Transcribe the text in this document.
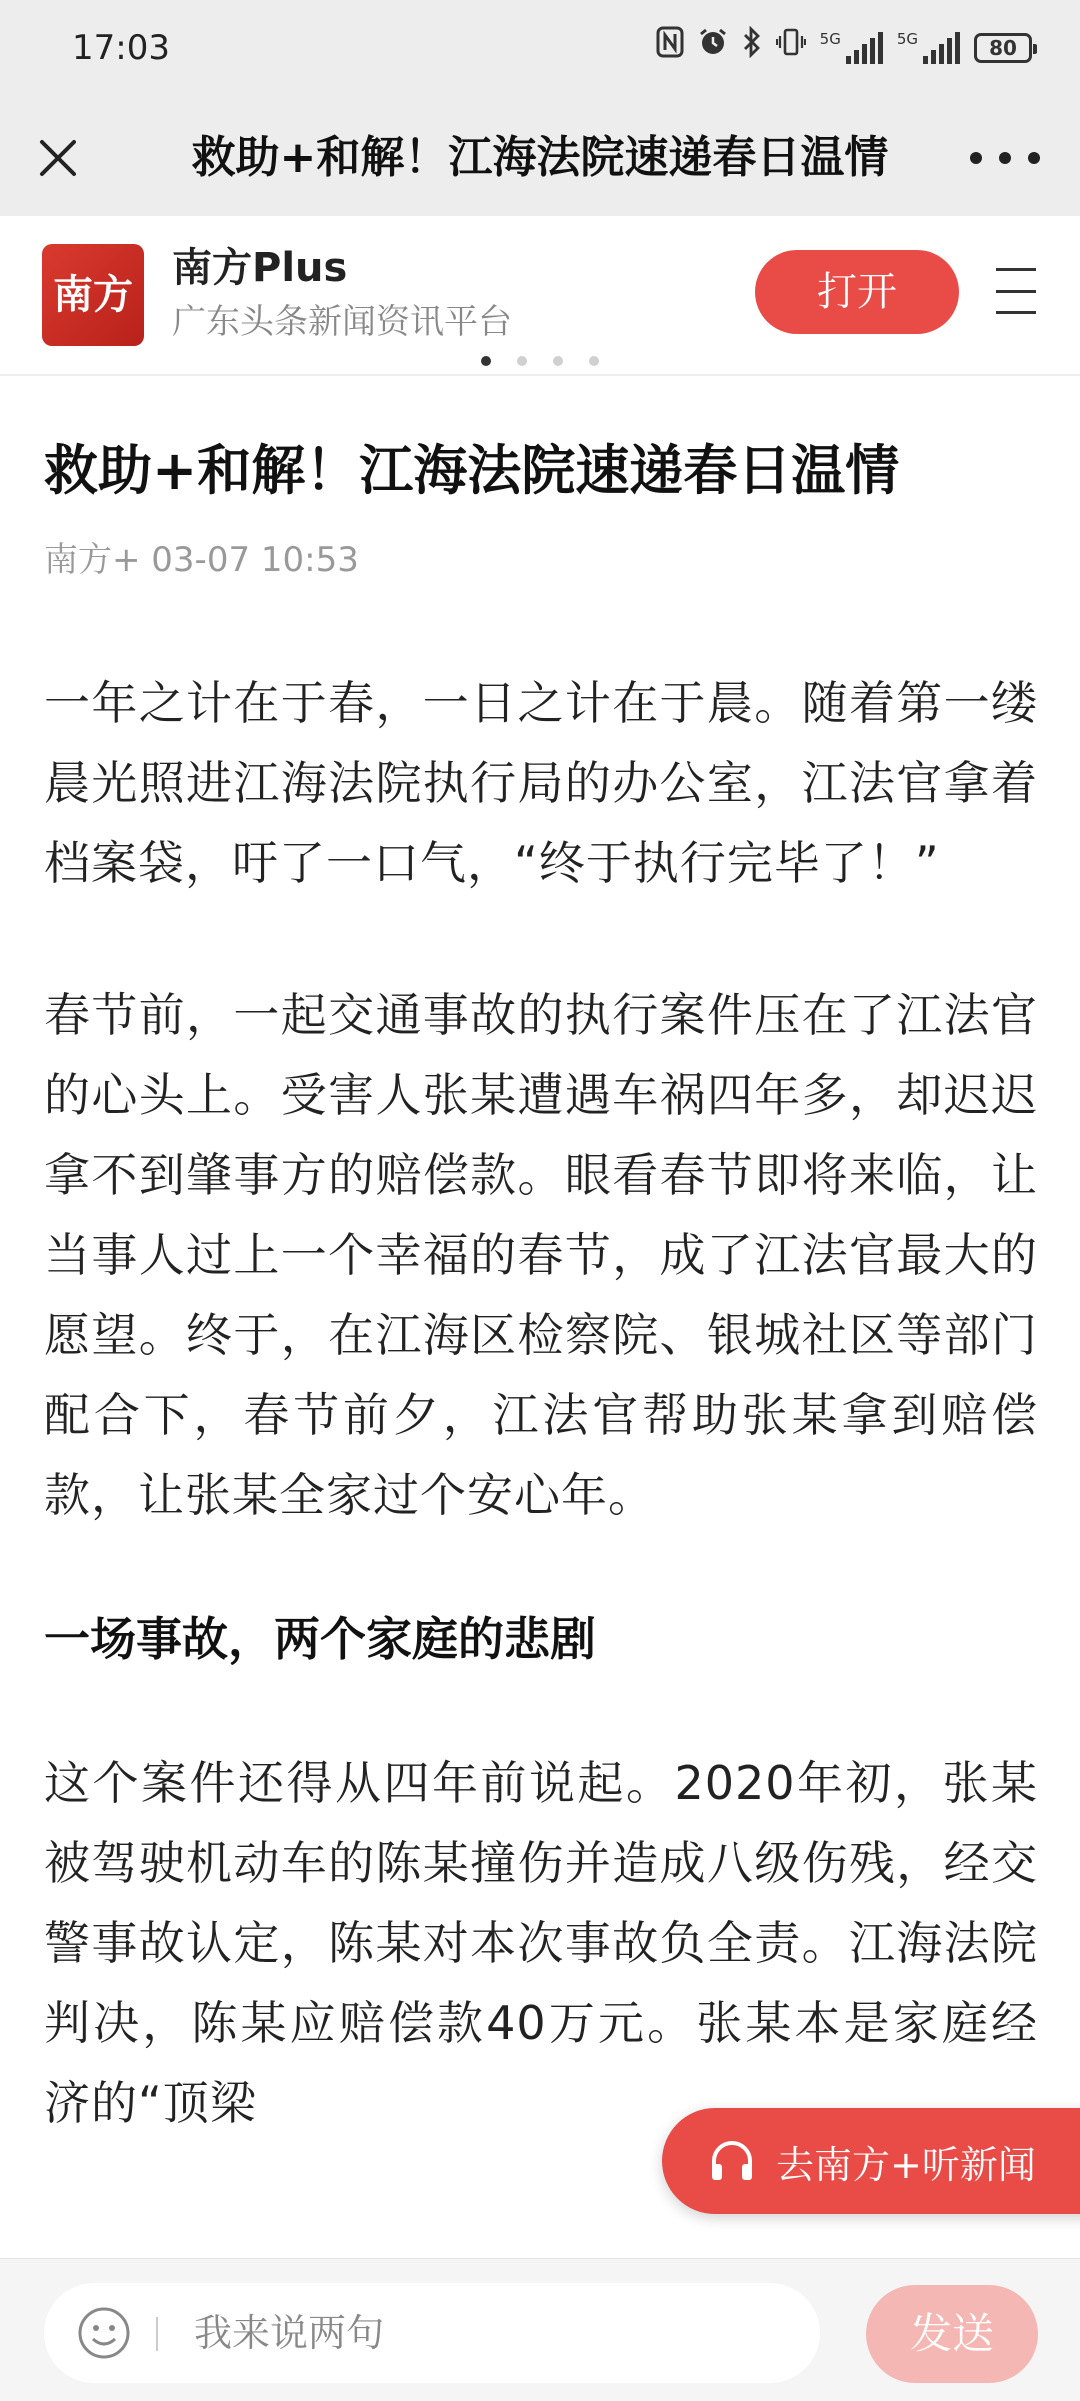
17:03	5G	5G	80
救助+和解！江海法院速递春日温情
南方+
南方Plus
广东头条新闻资讯平台
打开
救助+和解！江海法院速递春日温情
南方+ 03-07 10:53

一年之计在于春，一日之计在于晨。随着第一缕晨光照进江海法院执行局的办公室，江法官拿着档案袋，吁了一口气，“终于执行完毕了！”

春节前，一起交通事故的执行案件压在了江法官的心头上。受害人张某遭遇车祸四年多，却迟迟拿不到肇事方的赔偿款。眼看春节即将来临，让当事人过上一个幸福的春节，成了江法官最大的愿望。终于，在江海区检察院、银城社区等部门配合下，春节前夕，江法官帮助张某拿到赔偿款，让张某全家过个安心年。

一场事故，两个家庭的悲剧

这个案件还得从四年前说起。2020年初，张某被驾驶机动车的陈某撞伤并造成八级伤残，经交警事故认定，陈某对本次事故负全责。江海法院判决，陈某应赔偿款40万元。张某本是家庭经济的“顶梁

去南方+听新闻
我来说两句	发送
